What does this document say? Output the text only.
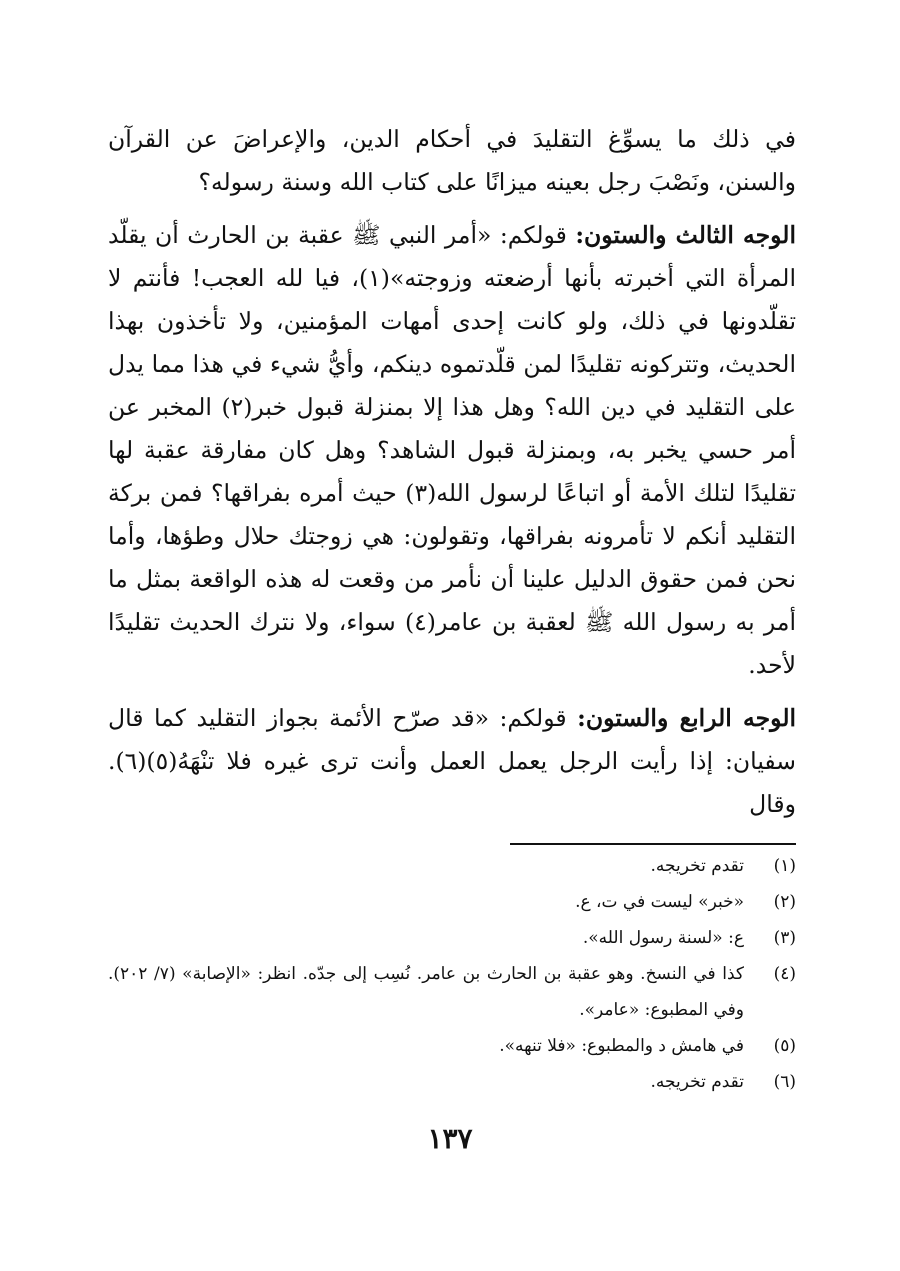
في ذلك ما يسوِّغ التقليدَ في أحكام الدين، والإعراضَ عن القرآن والسنن، ونَصْبَ رجل بعينه ميزانًا على كتاب الله وسنة رسوله؟

الوجه الثالث والستون: قولكم: «أمر النبي ﷺ عقبة بن الحارث أن يقلّد المرأة التي أخبرته بأنها أرضعته وزوجته»(١)، فيا لله العجب! فأنتم لا تقلّدونها في ذلك، ولو كانت إحدى أمهات المؤمنين، ولا تأخذون بهذا الحديث، وتتركونه تقليدًا لمن قلّدتموه دينكم، وأيُّ شيء في هذا مما يدل على التقليد في دين الله؟ وهل هذا إلا بمنزلة قبول خبر(٢) المخبر عن أمر حسي يخبر به، وبمنزلة قبول الشاهد؟ وهل كان مفارقة عقبة لها تقليدًا لتلك الأمة أو اتباعًا لرسول الله(٣) حيث أمره بفراقها؟ فمن بركة التقليد أنكم لا تأمرونه بفراقها، وتقولون: هي زوجتك حلال وطؤها، وأما نحن فمن حقوق الدليل علينا أن نأمر من وقعت له هذه الواقعة بمثل ما أمر به رسول الله ﷺ لعقبة بن عامر(٤) سواء، ولا نترك الحديث تقليدًا لأحد.

الوجه الرابع والستون: قولكم: «قد صرّح الأئمة بجواز التقليد كما قال سفيان: إذا رأيت الرجل يعمل العمل وأنت ترى غيره فلا تنْهَهُ(٥)(٦). وقال

(١)
تقدم تخريجه.
(٢)
«خبر» ليست في ت، ع.
(٣)
ع: «لسنة رسول الله».
(٤)
كذا في النسخ. وهو عقبة بن الحارث بن عامر. نُسِب إلى جدّه. انظر: «الإصابة» (٧/ ٢٠٢). وفي المطبوع: «عامر».
(٥)
في هامش د والمطبوع: «فلا تنهه».
(٦)
تقدم تخريجه.
١٣٧
